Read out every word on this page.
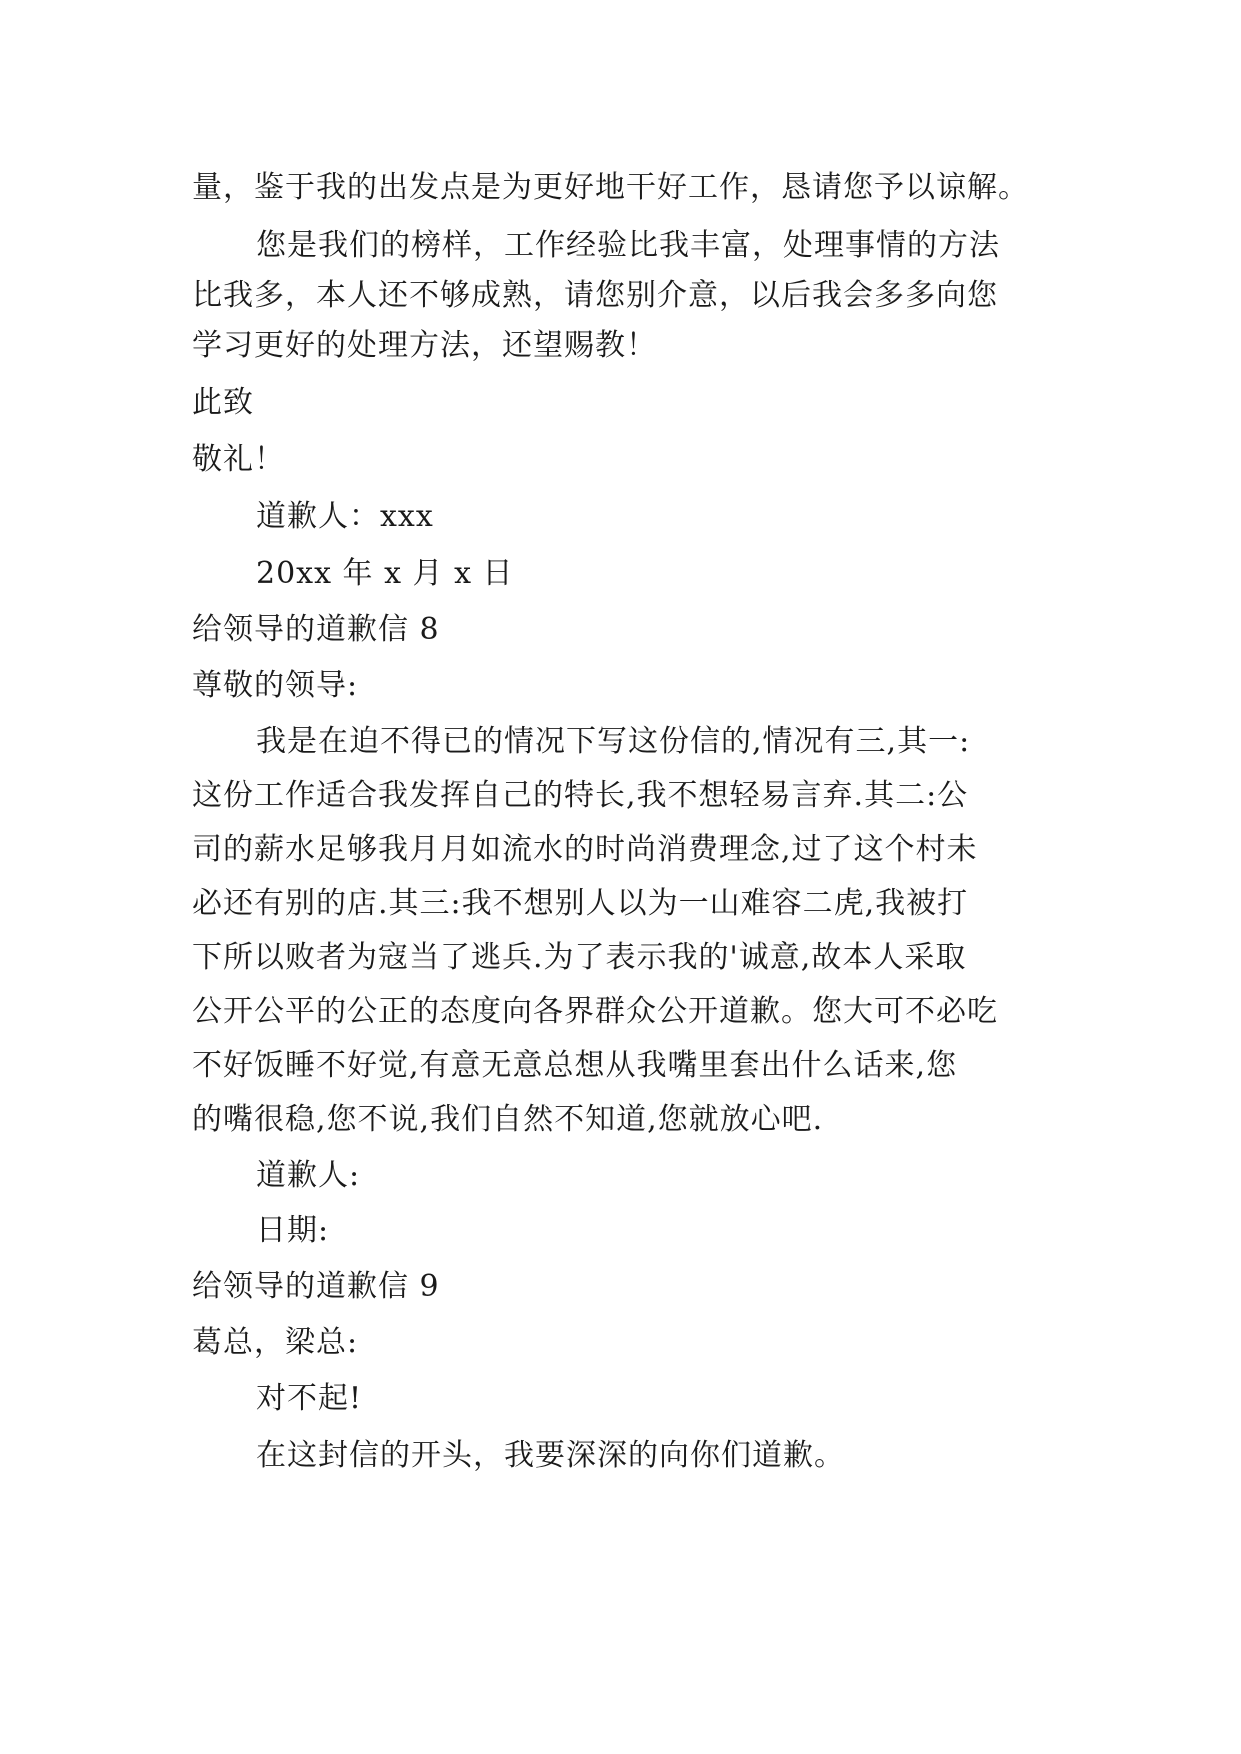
量，鉴于我的出发点是为更好地干好工作，恳请您予以谅解。
您是我们的榜样，工作经验比我丰富，处理事情的方法
比我多，本人还不够成熟，请您别介意，以后我会多多向您
学习更好的处理方法，还望赐教！
此致
敬礼！
道歉人：xxx
20xx 年 x 月 x 日
给领导的道歉信 8
尊敬的领导:
我是在迫不得已的情况下写这份信的,情况有三,其一:
这份工作适合我发挥自己的特长,我不想轻易言弃.其二:公
司的薪水足够我月月如流水的时尚消费理念,过了这个村未
必还有别的店.其三:我不想别人以为一山难容二虎,我被打
下所以败者为寇当了逃兵.为了表示我的'诚意,故本人采取
公开公平的公正的态度向各界群众公开道歉。您大可不必吃
不好饭睡不好觉,有意无意总想从我嘴里套出什么话来,您
的嘴很稳,您不说,我们自然不知道,您就放心吧.
道歉人:
日期:
给领导的道歉信 9
葛总，梁总:
对不起!
在这封信的开头，我要深深的向你们道歉。
